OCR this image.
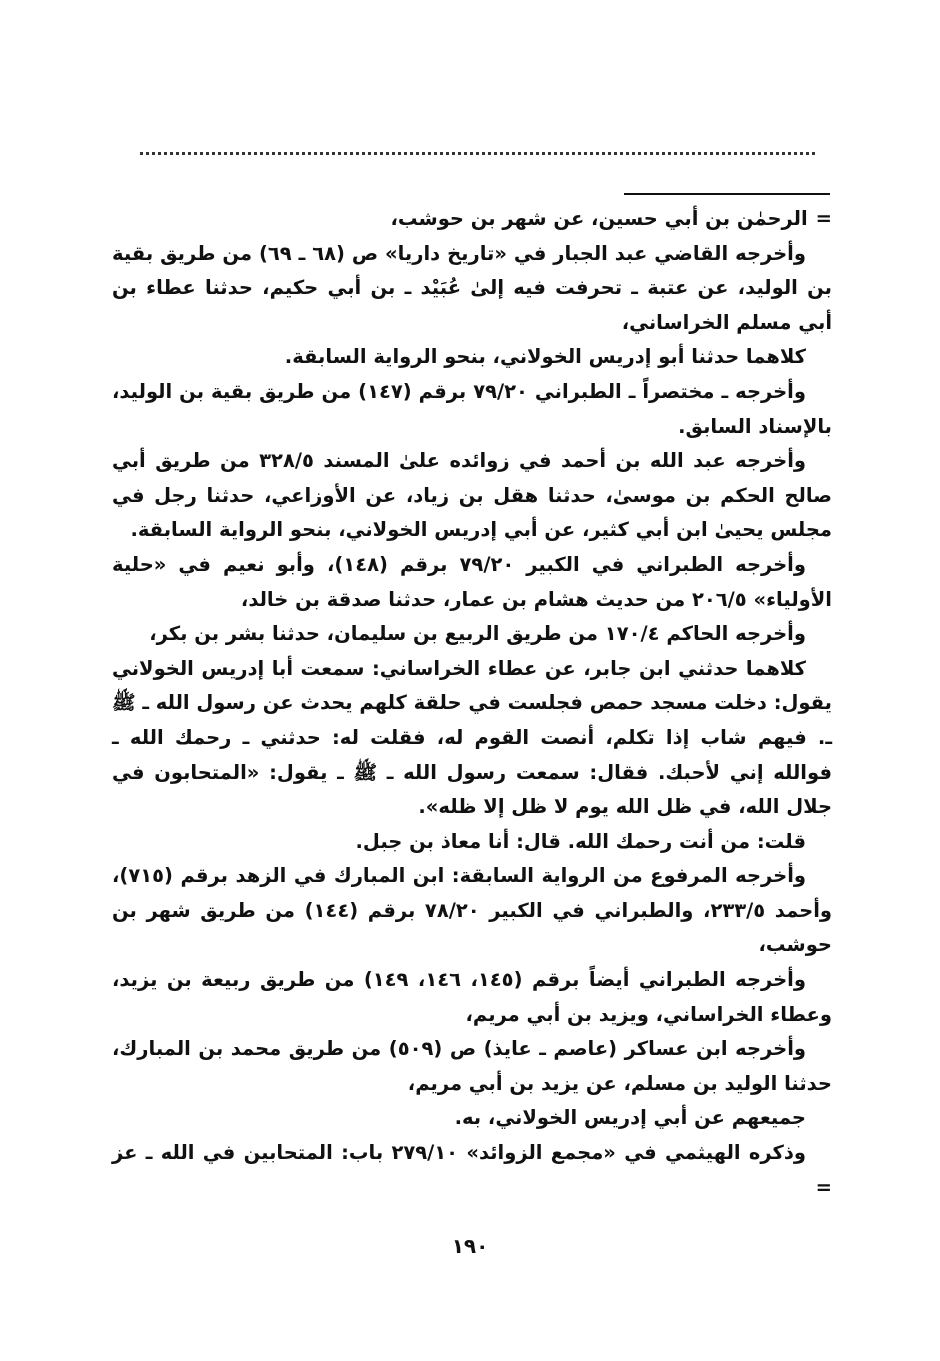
=الرحمٰن بن أبي حسين، عن شهر بن حوشب،

وأخرجه القاضي عبد الجبار في «تاريخ داريا» ص (٦٨ ـ ٦٩) من طريق بقية بن الوليد، عن عتبة ـ تحرفت فيه إلىٰ عُبَيْد ـ بن أبي حكيم، حدثنا عطاء بن أبي مسلم الخراساني،

كلاهما حدثنا أبو إدريس الخولاني، بنحو الرواية السابقة.

وأخرجه ـ مختصراً ـ الطبراني ٧٩/٢٠ برقم (١٤٧) من طريق بقية بن الوليد، بالإسناد السابق.

وأخرجه عبد الله بن أحمد في زوائده علىٰ المسند ٣٢٨/٥ من طريق أبي صالح الحكم بن موسىٰ، حدثنا هقل بن زياد، عن الأوزاعي، حدثنا رجل في مجلس يحيىٰ ابن أبي كثير، عن أبي إدريس الخولاني، بنحو الرواية السابقة.

وأخرجه الطبراني في الكبير ٧٩/٢٠ برقم (١٤٨)، وأبو نعيم في «حلية الأولياء» ٢٠٦/٥ من حديث هشام بن عمار، حدثنا صدقة بن خالد،

وأخرجه الحاكم ١٧٠/٤ من طريق الربيع بن سليمان، حدثنا بشر بن بكر،

كلاهما حدثني ابن جابر، عن عطاء الخراساني: سمعت أبا إدريس الخولاني يقول: دخلت مسجد حمص فجلست في حلقة كلهم يحدث عن رسول الله ـ ﷺ ـ. فيهم شاب إذا تكلم، أنصت القوم له، فقلت له: حدثني ـ رحمك الله ـ فوالله إني لأحبك. فقال: سمعت رسول الله ـ ﷺ ـ يقول: «المتحابون في جلال الله، في ظل الله يوم لا ظل إلا ظله».

قلت: من أنت رحمك الله. قال: أنا معاذ بن جبل.

وأخرجه المرفوع من الرواية السابقة: ابن المبارك في الزهد برقم (٧١٥)، وأحمد ٢٣٣/٥، والطبراني في الكبير ٧٨/٢٠ برقم (١٤٤) من طريق شهر بن حوشب،

وأخرجه الطبراني أيضاً برقم (١٤٥، ١٤٦، ١٤٩) من طريق ربيعة بن يزيد، وعطاء الخراساني، ويزيد بن أبي مريم،

وأخرجه ابن عساكر (عاصم ـ عايذ) ص (٥٠٩) من طريق محمد بن المبارك، حدثنا الوليد بن مسلم، عن يزيد بن أبي مريم،

جميعهم عن أبي إدريس الخولاني، به.

وذكره الهيثمي في «مجمع الزوائد» ٢٧٩/١٠ باب: المتحابين في الله ـ عز =

١٩٠
